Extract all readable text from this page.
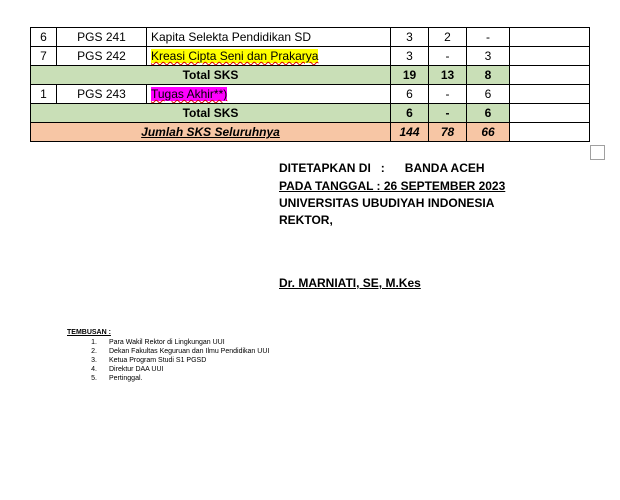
6	PGS 241	Kapita Selekta Pendidikan SD	3	2	-	
7	PGS 242	Kreasi Cipta Seni dan Prakarya	3	-	3	
Total SKS			19	13	8	
1	PGS 243	Tugas Akhir**)	6	-	6	
Total SKS			6	-	6	
Jumlah SKS Seluruhnya			144	78	66	
DITETAPKAN DI : BANDA ACEH
PADA TANGGAL : 26 SEPTEMBER 2023
UNIVERSITAS UBUDIYAH INDONESIA
REKTOR,
Dr. MARNIATI, SE, M.Kes
TEMBUSAN :
1. Para Wakil Rektor di Lingkungan UUI
2. Dekan Fakultas Keguruan dan Ilmu Pendidikan UUI
3. Ketua Program Studi S1 PGSD
4. Direktur DAA UUI
5. Pertinggal.
